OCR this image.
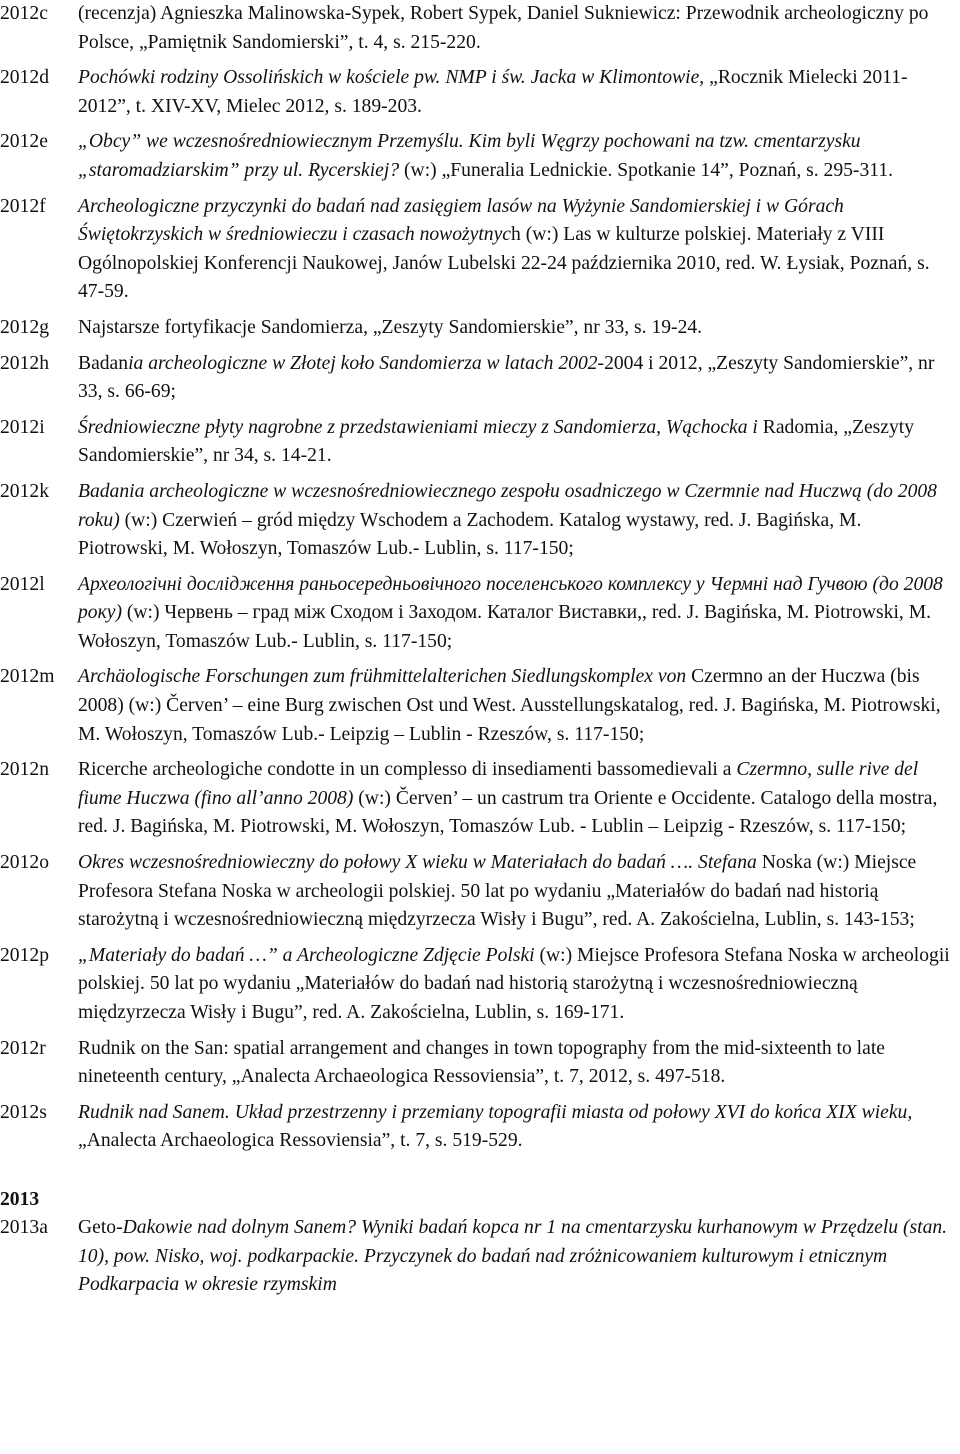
2012c	(recenzja) Agnieszka Malinowska-Sypek, Robert Sypek, Daniel Sukniewicz: Przewodnik archeologiczny po Polsce, „Pamiętnik Sandomierski”, t. 4, s. 215-220.
2012d	Pochówki rodziny Ossolińskich w kościele pw. NMP i św. Jacka w Klimontowie, „Rocznik Mielecki 2011-2012”, t. XIV-XV, Mielec 2012, s. 189-203.
2012e	„Obcy” we wczesnośredniowiecznym Przemyślu. Kim byli Węgrzy pochowani na tzw. cmentarzysku „staromadziarskim” przy ul. Rycerskiej? (w:) „Funeralia Lednickie. Spotkanie 14”, Poznań, s. 295-311.
2012f	Archeologiczne przyczynki do badań nad zasięgiem lasów na Wyżynie Sandomierskiej i w Górach Świętokrzyskich w średniowieczu i czasach nowożytnych (w:) Las w kulturze polskiej. Materiały z VIII Ogólnopolskiej Konferencji Naukowej, Janów Lubelski 22-24 października 2010, red. W. Łysiak, Poznań, s. 47-59.
2012g	Najstarsze fortyfikacje Sandomierza, „Zeszyty Sandomierskie”, nr 33, s. 19-24.
2012h	Badania archeologiczne w Złotej koło Sandomierza w latach 2002-2004 i 2012, „Zeszyty Sandomierskie”, nr 33, s. 66-69;
2012i	Średniowieczne płyty nagrobne z przedstawieniami mieczy z Sandomierza, Wąchocka i Radomia, „Zeszyty Sandomierskie”, nr 34, s. 14-21.
2012k	Badania archeologiczne w wczesnośredniowiecznego zespołu osadniczego w Czermnie nad Huczwą (do 2008 roku) (w:) Czerwień – gród między Wschodem a Zachodem. Katalog wystawy, red. J. Bagińska, M. Piotrowski, M. Wołoszyn, Tomaszów Lub.- Lublin, s. 117-150;
2012l	Археологічні дослідження раньосередньовічного поселенського комплексу у Чермні над Гучвою (до 2008 року) (w:) Червень – град між Сходом і Заходом. Каталог Виставки,, red. J. Bagińska, M. Piotrowski, M. Wołoszyn, Tomaszów Lub.- Lublin, s. 117-150;
2012m	Archäologische Forschungen zum frühmittelalterichen Siedlungskomplex von Czermno an der Huczwa (bis 2008) (w:) Červen’ – eine Burg zwischen Ost und West. Ausstellungskatalog, red. J. Bagińska, M. Piotrowski, M. Wołoszyn, Tomaszów Lub.- Leipzig – Lublin - Rzeszów, s. 117-150;
2012n	Ricerche archeologiche condotte in un complesso di insediamenti bassomedievali a Czermno, sulle rive del fiume Huczwa (fino all’anno 2008) (w:) Červen’ – un castrum tra Oriente e Occidente. Catalogo della mostra, red. J. Bagińska, M. Piotrowski, M. Wołoszyn, Tomaszów Lub. - Lublin – Leipzig - Rzeszów, s. 117-150;
2012o	Okres wczesnośredniowieczny do połowy X wieku w Materiałach do badań …. Stefana Noska (w:) Miejsce Profesora Stefana Noska w archeologii polskiej. 50 lat po wydaniu „Materiałów do badań nad historią starożytną i wczesnośredniowieczną międzyrzecza Wisły i Bugu”, red. A. Zakościelna, Lublin, s. 143-153;
2012p	„Materiały do badań …” a Archeologiczne Zdjęcie Polski (w:) Miejsce Profesora Stefana Noska w archeologii polskiej. 50 lat po wydaniu „Materiałów do badań nad historią starożytną i wczesnośredniowieczną międzyrzecza Wisły i Bugu”, red. A. Zakościelna, Lublin, s. 169-171.
2012r	Rudnik on the San: spatial arrangement and changes in town topography from the mid-sixteenth to late nineteenth century, „Analecta Archaeologica Ressoviensia”, t. 7, 2012, s. 497-518.
2012s	Rudnik nad Sanem. Układ przestrzenny i przemiany topografii miasta od połowy XVI do końca XIX wieku, „Analecta Archaeologica Ressoviensia”, t. 7, s. 519-529.
2013
2013a	Geto-Dakowie nad dolnym Sanem? Wyniki badań kopca nr 1 na cmentarzysku kurhanowym w Przędzelu (stan. 10), pow. Nisko, woj. podkarpackie. Przyczynek do badań nad zróżnicowaniem kulturowym i etnicznym Podkarpacia w okresie rzymskim
